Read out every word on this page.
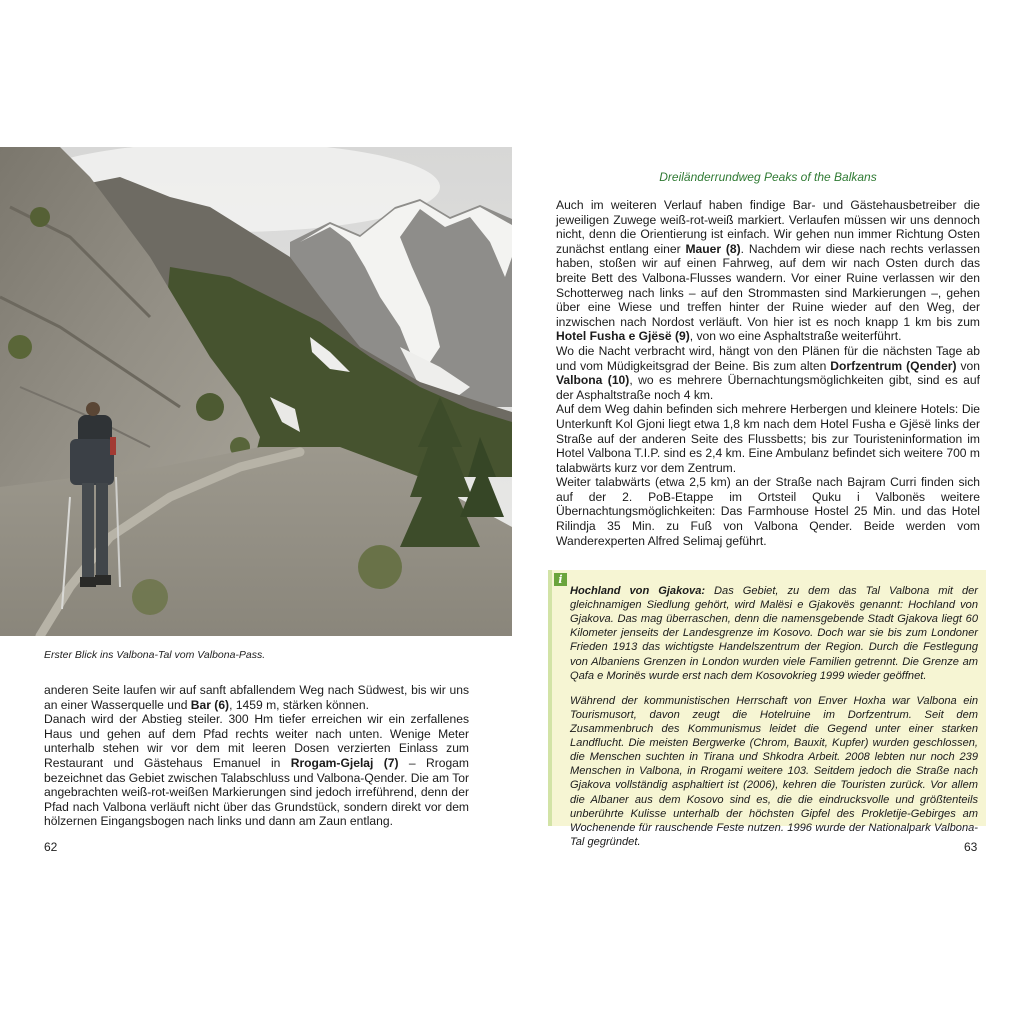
Erster Blick ins Valbona-Tal vom Valbona-Pass.

anderen Seite laufen wir auf sanft abfallendem Weg nach Südwest, bis wir uns an einer Wasserquelle und Bar (6), 1459 m, stärken können.

Danach wird der Abstieg steiler. 300 Hm tiefer erreichen wir ein zerfallenes Haus und gehen auf dem Pfad rechts weiter nach unten. Wenige Meter unterhalb stehen wir vor dem mit leeren Dosen verzierten Einlass zum Restaurant und Gästehaus Emanuel in Rrogam-Gjelaj (7) – Rrogam bezeichnet das Gebiet zwischen Talabschluss und Valbona-Qender. Die am Tor angebrachten weiß-rot-weißen Markierungen sind jedoch irreführend, denn der Pfad nach Valbona verläuft nicht über das Grundstück, sondern direkt vor dem hölzernen Eingangsbogen nach links und dann am Zaun entlang.

62
Dreiländerrundweg Peaks of the Balkans

Auch im weiteren Verlauf haben findige Bar- und Gästehausbetreiber die jeweiligen Zuwege weiß-rot-weiß markiert. Verlaufen müssen wir uns dennoch nicht, denn die Orientierung ist einfach. Wir gehen nun immer Richtung Osten zunächst entlang einer Mauer (8). Nachdem wir diese nach rechts verlassen haben, stoßen wir auf einen Fahrweg, auf dem wir nach Osten durch das breite Bett des Valbona-Flusses wandern. Vor einer Ruine verlassen wir den Schotterweg nach links – auf den Strommasten sind Markierungen –, gehen über eine Wiese und treffen hinter der Ruine wieder auf den Weg, der inzwischen nach Nordost verläuft. Von hier ist es noch knapp 1 km bis zum Hotel Fusha e Gjësë (9), von wo eine Asphaltstraße weiterführt.

Wo die Nacht verbracht wird, hängt von den Plänen für die nächsten Tage ab und vom Müdigkeitsgrad der Beine. Bis zum alten Dorfzentrum (Qender) von Valbona (10), wo es mehrere Übernachtungsmöglichkeiten gibt, sind es auf der Asphaltstraße noch 4 km.

Auf dem Weg dahin befinden sich mehrere Herbergen und kleinere Hotels: Die Unterkunft Kol Gjoni liegt etwa 1,8 km nach dem Hotel Fusha e Gjësë links der Straße auf der anderen Seite des Flussbetts; bis zur Touristeninformation im Hotel Valbona T.I.P. sind es 2,4 km. Eine Ambulanz befindet sich weitere 700 m talabwärts kurz vor dem Zentrum.

Weiter talabwärts (etwa 2,5 km) an der Straße nach Bajram Curri finden sich auf der 2. PoB-Etappe im Ortsteil Quku i Valbonës weitere Übernachtungsmöglichkeiten: Das Farmhouse Hostel 25 Min. und das Hotel Rilindja 35 Min. zu Fuß von Valbona Qender. Beide werden vom Wanderexperten Alfred Selimaj geführt.

i

Hochland von Gjakova: Das Gebiet, zu dem das Tal Valbona mit der gleichnamigen Siedlung gehört, wird Malësi e Gjakovës genannt: Hochland von Gjakova. Das mag überraschen, denn die namensgebende Stadt Gjakova liegt 60 Kilometer jenseits der Landesgrenze im Kosovo. Doch war sie bis zum Londoner Frieden 1913 das wichtigste Handelszentrum der Region. Durch die Festlegung von Albaniens Grenzen in London wurden viele Familien getrennt. Die Grenze am Qafa e Morinës wurde erst nach dem Kosovokrieg 1999 wieder geöffnet.

Während der kommunistischen Herrschaft von Enver Hoxha war Valbona ein Tourismusort, davon zeugt die Hotelruine im Dorfzentrum. Seit dem Zusammenbruch des Kommunismus leidet die Gegend unter einer starken Landflucht. Die meisten Bergwerke (Chrom, Bauxit, Kupfer) wurden geschlossen, die Menschen suchten in Tirana und Shkodra Arbeit. 2008 lebten nur noch 239 Menschen in Valbona, in Rrogami weitere 103. Seitdem jedoch die Straße nach Gjakova vollständig asphaltiert ist (2006), kehren die Touristen zurück. Vor allem die Albaner aus dem Kosovo sind es, die die eindrucksvolle und größtenteils unberührte Kulisse unterhalb der höchsten Gipfel des Prokletije-Gebirges am Wochenende für rauschende Feste nutzen. 1996 wurde der Nationalpark Valbona-Tal gegründet.	63
